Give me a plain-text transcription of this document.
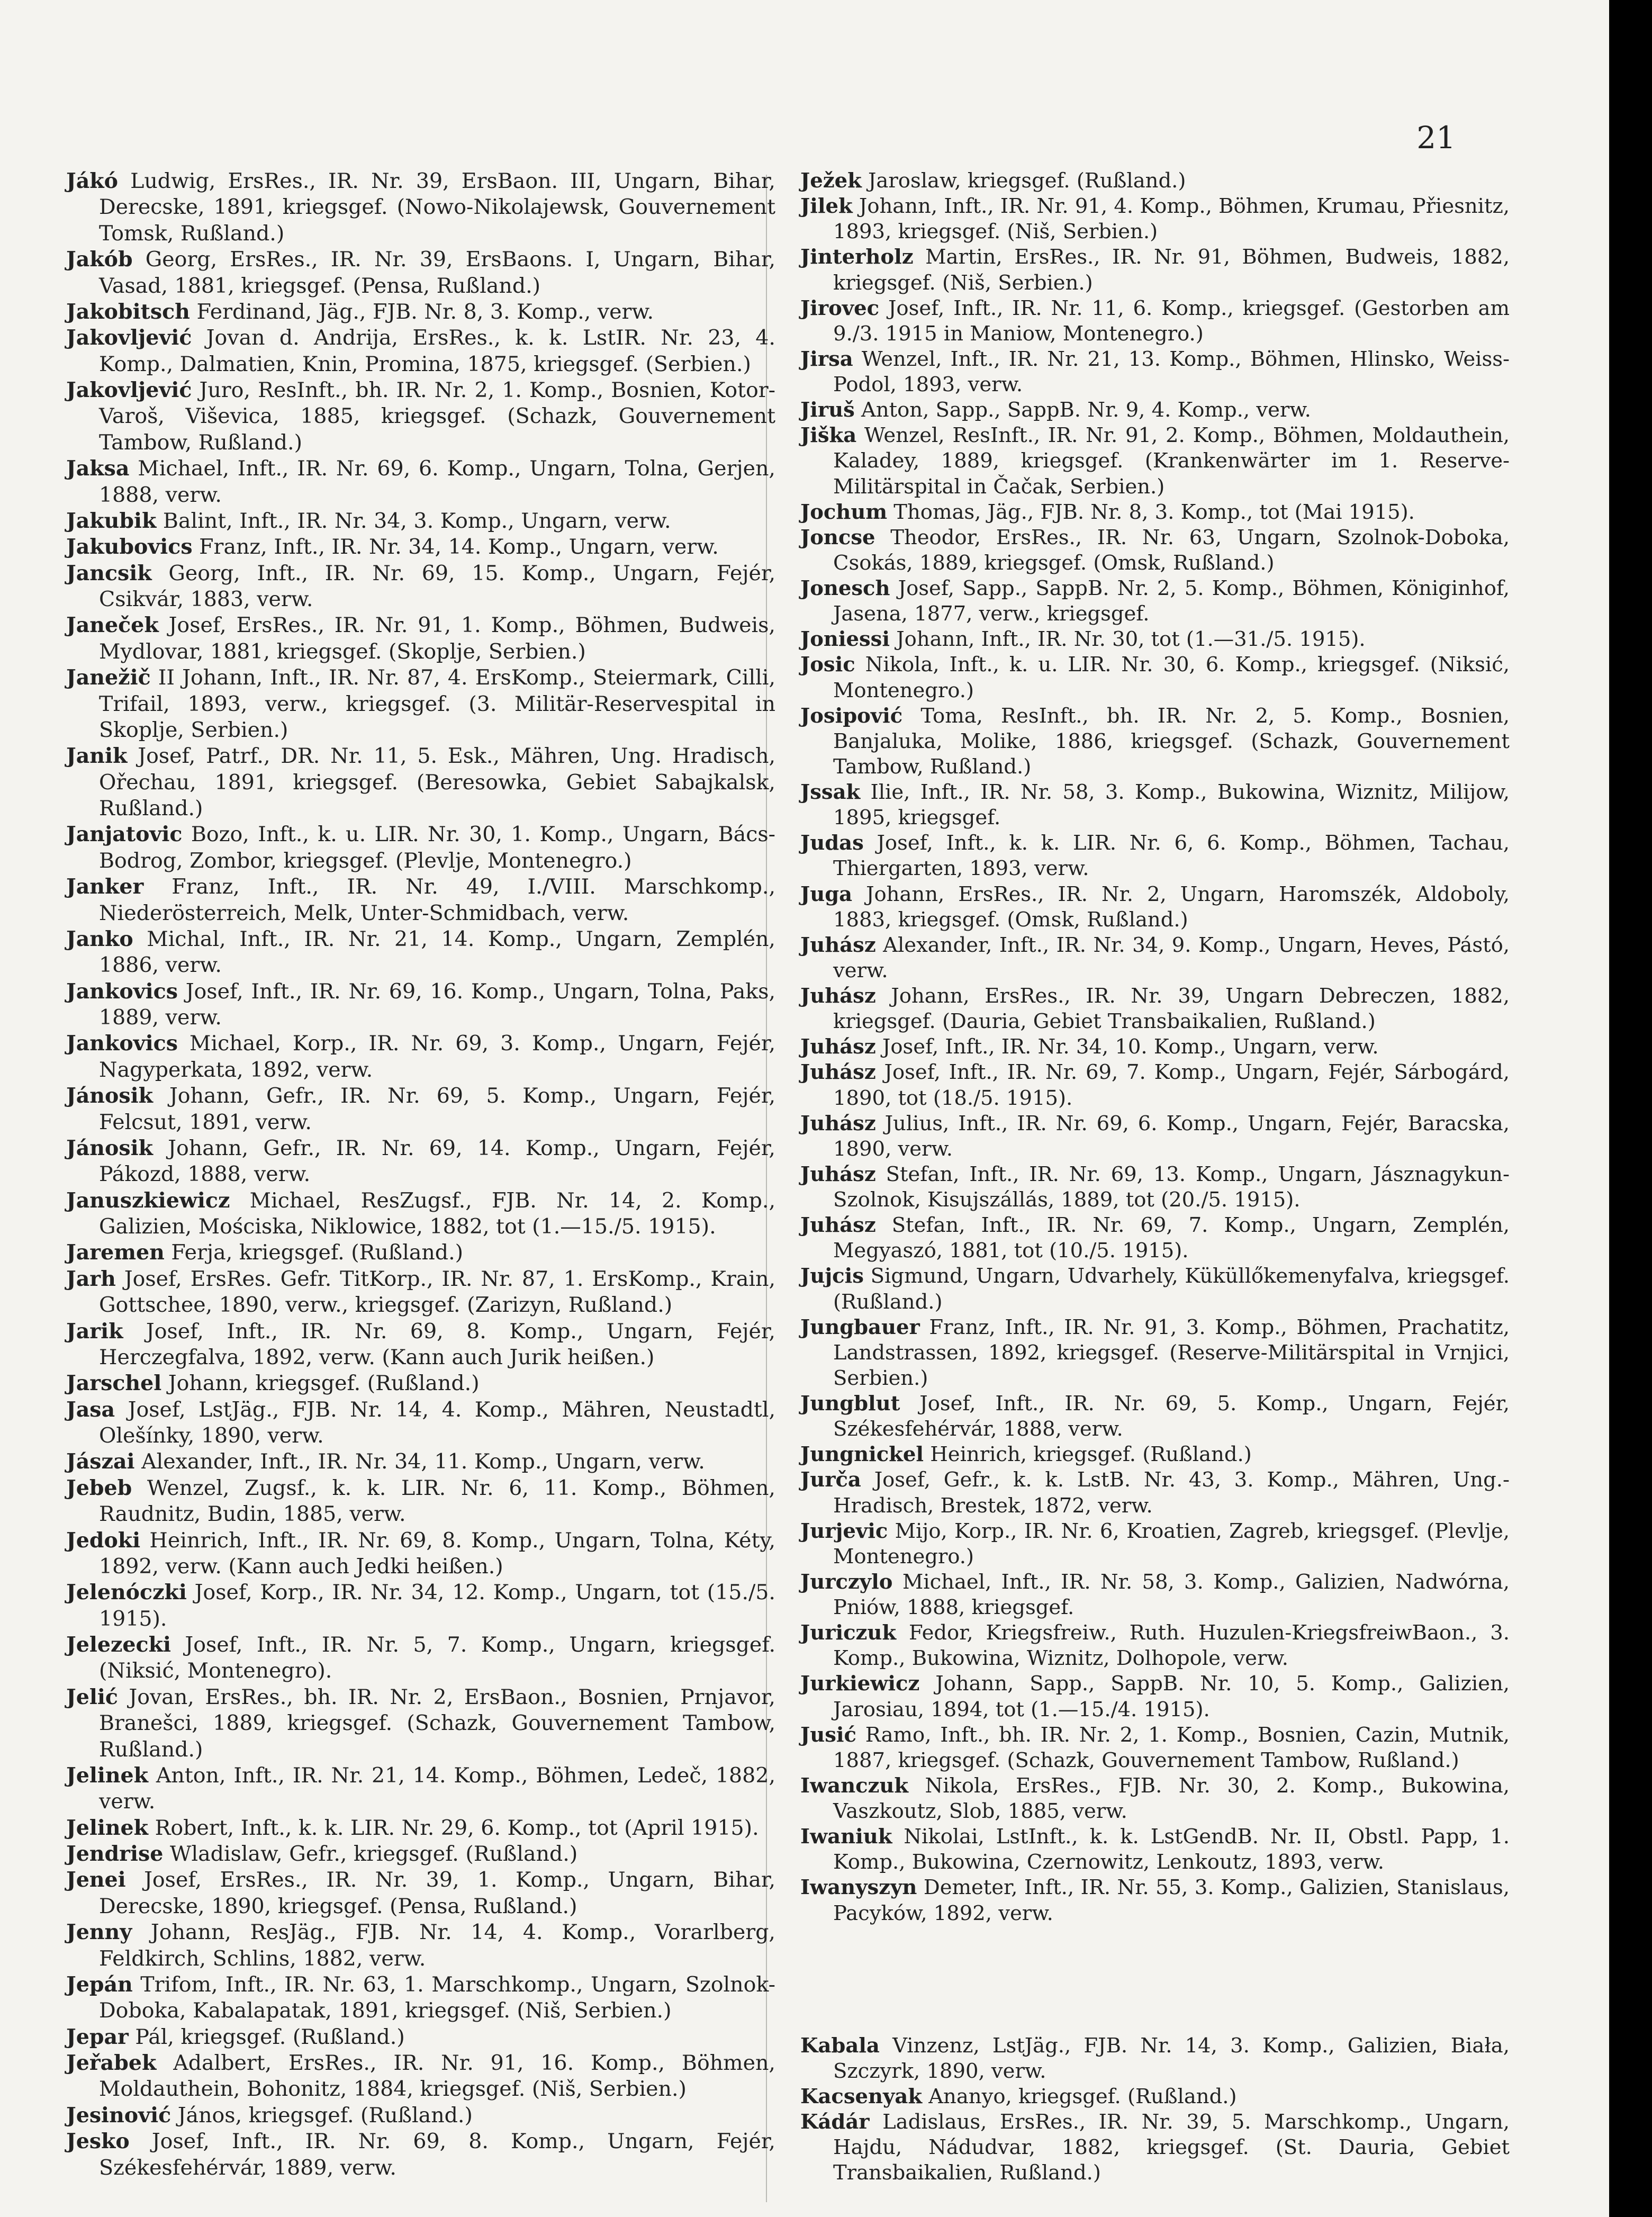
21
Jákó Ludwig, ErsRes., IR. Nr. 39, ErsBaon. III, Ungarn, Bihar, Derecske, 1891, kriegsgef. (Nowo-Nikolajewsk, Gouvernement Tomsk, Rußland.)
Jakób Georg, ErsRes., IR. Nr. 39, ErsBaons. I, Ungarn, Bihar, Vasad, 1881, kriegsgef. (Pensa, Rußland.)
Jakobitsch Ferdinand, Jäg., FJB. Nr. 8, 3. Komp., verw.
Jakovljević Jovan d. Andrija, ErsRes., k. k. LstIR. Nr. 23, 4. Komp., Dalmatien, Knin, Promina, 1875, kriegsgef. (Serbien.)
Jakovljević Juro, ResInft., bh. IR. Nr. 2, 1. Komp., Bosnien, Kotor-Varoš, Viševica, 1885, kriegsgef. (Schazk, Gouvernement Tambow, Rußland.)
Jaksa Michael, Inft., IR. Nr. 69, 6. Komp., Ungarn, Tolna, Gerjen, 1888, verw.
Jakubik Balint, Inft., IR. Nr. 34, 3. Komp., Ungarn, verw.
Jakubovics Franz, Inft., IR. Nr. 34, 14. Komp., Ungarn, verw.
Jancsik Georg, Inft., IR. Nr. 69, 15. Komp., Ungarn, Fejér, Csikvár, 1883, verw.
Janeček Josef, ErsRes., IR. Nr. 91, 1. Komp., Böhmen, Budweis, Mydlovar, 1881, kriegsgef. (Skoplje, Serbien.)
Janežič II Johann, Inft., IR. Nr. 87, 4. ErsKomp., Steiermark, Cilli, Trifail, 1893, verw., kriegsgef. (3. Militär-Reservespital in Skoplje, Serbien.)
Janik Josef, Patrf., DR. Nr. 11, 5. Esk., Mähren, Ung. Hradisch, Ořechau, 1891, kriegsgef. (Beresowka, Gebiet Sabajkalsk, Rußland.)
Janjatovic Bozo, Inft., k. u. LIR. Nr. 30, 1. Komp., Ungarn, Bács-Bodrog, Zombor, kriegsgef. (Plevlje, Montenegro.)
Janker Franz, Inft., IR. Nr. 49, I./VIII. Marschkomp., Niederösterreich, Melk, Unter-Schmidbach, verw.
Janko Michal, Inft., IR. Nr. 21, 14. Komp., Ungarn, Zemplén, 1886, verw.
Jankovics Josef, Inft., IR. Nr. 69, 16. Komp., Ungarn, Tolna, Paks, 1889, verw.
Jankovics Michael, Korp., IR. Nr. 69, 3. Komp., Ungarn, Fejér, Nagyperkata, 1892, verw.
Jánosik Johann, Gefr., IR. Nr. 69, 5. Komp., Ungarn, Fejér, Felcsut, 1891, verw.
Jánosik Johann, Gefr., IR. Nr. 69, 14. Komp., Ungarn, Fejér, Pákozd, 1888, verw.
Januszkiewicz Michael, ResZugsf., FJB. Nr. 14, 2. Komp., Galizien, Mościska, Niklowice, 1882, tot (1.—15./5. 1915).
Jaremen Ferja, kriegsgef. (Rußland.)
Jarh Josef, ErsRes. Gefr. TitKorp., IR. Nr. 87, 1. ErsKomp., Krain, Gottschee, 1890, verw., kriegsgef. (Zarizyn, Rußland.)
Jarik Josef, Inft., IR. Nr. 69, 8. Komp., Ungarn, Fejér, Herczegfalva, 1892, verw. (Kann auch Jurik heißen.)
Jarschel Johann, kriegsgef. (Rußland.)
Jasa Josef, LstJäg., FJB. Nr. 14, 4. Komp., Mähren, Neustadtl, Olešínky, 1890, verw.
Jászai Alexander, Inft., IR. Nr. 34, 11. Komp., Ungarn, verw.
Jebeb Wenzel, Zugsf., k. k. LIR. Nr. 6, 11. Komp., Böhmen, Raudnitz, Budin, 1885, verw.
Jedoki Heinrich, Inft., IR. Nr. 69, 8. Komp., Ungarn, Tolna, Kéty, 1892, verw. (Kann auch Jedki heißen.)
Jelenóczki Josef, Korp., IR. Nr. 34, 12. Komp., Ungarn, tot (15./5. 1915).
Jelezecki Josef, Inft., IR. Nr. 5, 7. Komp., Ungarn, kriegsgef. (Niksić, Montenegro).
Jelić Jovan, ErsRes., bh. IR. Nr. 2, ErsBaon., Bosnien, Prnjavor, Branešci, 1889, kriegsgef. (Schazk, Gouvernement Tambow, Rußland.)
Jelinek Anton, Inft., IR. Nr. 21, 14. Komp., Böhmen, Ledeč, 1882, verw.
Jelinek Robert, Inft., k. k. LIR. Nr. 29, 6. Komp., tot (April 1915).
Jendrise Wladislaw, Gefr., kriegsgef. (Rußland.)
Jenei Josef, ErsRes., IR. Nr. 39, 1. Komp., Ungarn, Bihar, Derecske, 1890, kriegsgef. (Pensa, Rußland.)
Jenny Johann, ResJäg., FJB. Nr. 14, 4. Komp., Vorarlberg, Feldkirch, Schlins, 1882, verw.
Jepán Trifom, Inft., IR. Nr. 63, 1. Marschkomp., Ungarn, Szolnok-Doboka, Kabalapatak, 1891, kriegsgef. (Niš, Serbien.)
Jepar Pál, kriegsgef. (Rußland.)
Jeřabek Adalbert, ErsRes., IR. Nr. 91, 16. Komp., Böhmen, Moldauthein, Bohonitz, 1884, kriegsgef. (Niš, Serbien.)
Jesinović János, kriegsgef. (Rußland.)
Jesko Josef, Inft., IR. Nr. 69, 8. Komp., Ungarn, Fejér, Székesfehérvár, 1889, verw.
Ježek Jaroslaw, kriegsgef. (Rußland.)
Jilek Johann, Inft., IR. Nr. 91, 4. Komp., Böhmen, Krumau, Přiesnitz, 1893, kriegsgef. (Niš, Serbien.)
Jinterholz Martin, ErsRes., IR. Nr. 91, Böhmen, Budweis, 1882, kriegsgef. (Niš, Serbien.)
Jirovec Josef, Inft., IR. Nr. 11, 6. Komp., kriegsgef. (Gestorben am 9./3. 1915 in Maniow, Montenegro.)
Jirsa Wenzel, Inft., IR. Nr. 21, 13. Komp., Böhmen, Hlinsko, Weiss-Podol, 1893, verw.
Jiruš Anton, Sapp., SappB. Nr. 9, 4. Komp., verw.
Jiška Wenzel, ResInft., IR. Nr. 91, 2. Komp., Böhmen, Moldauthein, Kaladey, 1889, kriegsgef. (Krankenwärter im 1. Reserve-Militärspital in Čačak, Serbien.)
Jochum Thomas, Jäg., FJB. Nr. 8, 3. Komp., tot (Mai 1915).
Joncse Theodor, ErsRes., IR. Nr. 63, Ungarn, Szolnok-Doboka, Csokás, 1889, kriegsgef. (Omsk, Rußland.)
Jonesch Josef, Sapp., SappB. Nr. 2, 5. Komp., Böhmen, Königinhof, Jasena, 1877, verw., kriegsgef.
Joniessi Johann, Inft., IR. Nr. 30, tot (1.—31./5. 1915).
Josic Nikola, Inft., k. u. LIR. Nr. 30, 6. Komp., kriegsgef. (Niksić, Montenegro.)
Josipović Toma, ResInft., bh. IR. Nr. 2, 5. Komp., Bosnien, Banjaluka, Molike, 1886, kriegsgef. (Schazk, Gouvernement Tambow, Rußland.)
Jssak Ilie, Inft., IR. Nr. 58, 3. Komp., Bukowina, Wiznitz, Milijow, 1895, kriegsgef.
Judas Josef, Inft., k. k. LIR. Nr. 6, 6. Komp., Böhmen, Tachau, Thiergarten, 1893, verw.
Juga Johann, ErsRes., IR. Nr. 2, Ungarn, Haromszék, Aldoboly, 1883, kriegsgef. (Omsk, Rußland.)
Juhász Alexander, Inft., IR. Nr. 34, 9. Komp., Ungarn, Heves, Pástó, verw.
Juhász Johann, ErsRes., IR. Nr. 39, Ungarn Debreczen, 1882, kriegsgef. (Dauria, Gebiet Transbaikalien, Rußland.)
Juhász Josef, Inft., IR. Nr. 34, 10. Komp., Ungarn, verw.
Juhász Josef, Inft., IR. Nr. 69, 7. Komp., Ungarn, Fejér, Sárbogárd, 1890, tot (18./5. 1915).
Juhász Julius, Inft., IR. Nr. 69, 6. Komp., Ungarn, Fejér, Baracska, 1890, verw.
Juhász Stefan, Inft., IR. Nr. 69, 13. Komp., Ungarn, Jásznagykun-Szolnok, Kisujszállás, 1889, tot (20./5. 1915).
Juhász Stefan, Inft., IR. Nr. 69, 7. Komp., Ungarn, Zemplén, Megyaszó, 1881, tot (10./5. 1915).
Jujcis Sigmund, Ungarn, Udvarhely, Küküllőkemenyfalva, kriegsgef. (Rußland.)
Jungbauer Franz, Inft., IR. Nr. 91, 3. Komp., Böhmen, Prachatitz, Landstrassen, 1892, kriegsgef. (Reserve-Militärspital in Vrnjici, Serbien.)
Jungblut Josef, Inft., IR. Nr. 69, 5. Komp., Ungarn, Fejér, Székesfehérvár, 1888, verw.
Jungnickel Heinrich, kriegsgef. (Rußland.)
Jurča Josef, Gefr., k. k. LstB. Nr. 43, 3. Komp., Mähren, Ung.-Hradisch, Brestek, 1872, verw.
Jurjevic Mijo, Korp., IR. Nr. 6, Kroatien, Zagreb, kriegsgef. (Plevlje, Montenegro.)
Jurczylo Michael, Inft., IR. Nr. 58, 3. Komp., Galizien, Nadwórna, Pniów, 1888, kriegsgef.
Juriczuk Fedor, Kriegsfreiw., Ruth. Huzulen-KriegsfreiwBaon., 3. Komp., Bukowina, Wiznitz, Dolhopole, verw.
Jurkiewicz Johann, Sapp., SappB. Nr. 10, 5. Komp., Galizien, Jarosiau, 1894, tot (1.—15./4. 1915).
Jusić Ramo, Inft., bh. IR. Nr. 2, 1. Komp., Bosnien, Cazin, Mutnik, 1887, kriegsgef. (Schazk, Gouvernement Tambow, Rußland.)
Iwanczuk Nikola, ErsRes., FJB. Nr. 30, 2. Komp., Bukowina, Vaszkoutz, Slob, 1885, verw.
Iwaniuk Nikolai, LstInft., k. k. LstGendB. Nr. II, Obstl. Papp, 1. Komp., Bukowina, Czernowitz, Lenkoutz, 1893, verw.
Iwanyszyn Demeter, Inft., IR. Nr. 55, 3. Komp., Galizien, Stanislaus, Pacyków, 1892, verw.
Kabala Vinzenz, LstJäg., FJB. Nr. 14, 3. Komp., Galizien, Biała, Szczyrk, 1890, verw.
Kacsenyak Ananyo, kriegsgef. (Rußland.)
Kádár Ladislaus, ErsRes., IR. Nr. 39, 5. Marschkomp., Ungarn, Hajdu, Nádudvar, 1882, kriegsgef. (St. Dauria, Gebiet Transbaikalien, Rußland.)
